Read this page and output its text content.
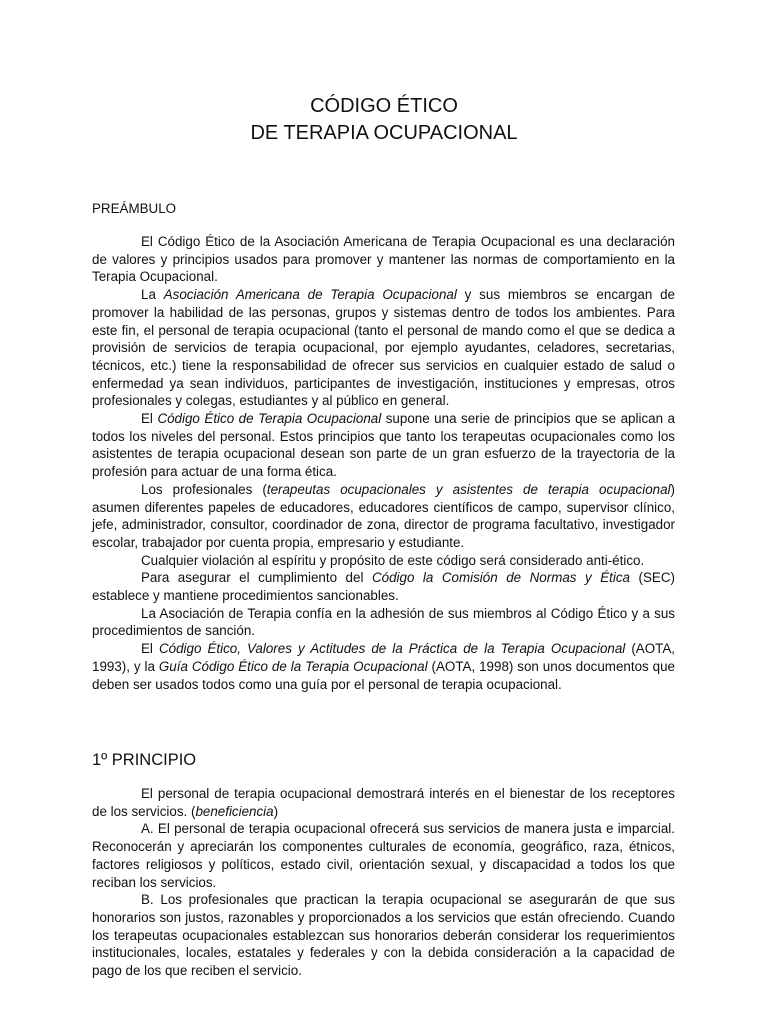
CÓDIGO ÉTICO
DE TERAPIA OCUPACIONAL
PREÁMBULO

El Código Ético de la Asociación Americana de Terapia Ocupacional es una declaración de valores y principios usados para promover y mantener las normas de comportamiento en la Terapia Ocupacional.

La Asociación Americana de Terapia Ocupacional y sus miembros se encargan de promover la habilidad de las personas, grupos y sistemas dentro de todos los ambientes. Para este fin, el personal de terapia ocupacional (tanto el personal de mando como el que se dedica a provisión de servicios de terapia ocupacional, por ejemplo ayudantes, celadores, secretarias, técnicos, etc.) tiene la responsabilidad de ofrecer sus servicios en cualquier estado de salud o enfermedad ya sean individuos, participantes de investigación, instituciones y empresas, otros profesionales y colegas, estudiantes y al público en general.

El Código Ético de Terapia Ocupacional supone una serie de principios que se aplican a todos los niveles del personal. Estos principios que tanto los terapeutas ocupacionales como los asistentes de terapia ocupacional desean son parte de un gran esfuerzo de la trayectoria de la profesión para actuar de una forma ética.

Los profesionales (terapeutas ocupacionales y asistentes de terapia ocupacional) asumen diferentes papeles de educadores, educadores científicos de campo, supervisor clínico, jefe, administrador, consultor, coordinador de zona, director de programa facultativo, investigador escolar, trabajador por cuenta propia, empresario y estudiante.

Cualquier violación al espíritu y propósito de este código será considerado anti-ético.

Para asegurar el cumplimiento del Código la Comisión de Normas y Ética (SEC) establece y mantiene procedimientos sancionables.

La Asociación de Terapia confía en la adhesión de sus miembros al Código Ético y a sus procedimientos de sanción.

El Código Ético, Valores y Actitudes de la Práctica de la Terapia Ocupacional (AOTA, 1993), y la Guía Código Ético de la Terapia Ocupacional (AOTA, 1998) son unos documentos que deben ser usados todos como una guía por el personal de terapia ocupacional.

1º PRINCIPIO

El personal de terapia ocupacional demostrará interés en el bienestar de los receptores de los servicios. (beneficiencia)

A. El personal de terapia ocupacional ofrecerá sus servicios de manera justa e imparcial. Reconocerán y apreciarán los componentes culturales de economía, geográfico, raza, étnicos, factores religiosos y políticos, estado civil, orientación sexual, y discapacidad a todos los que reciban los servicios.

B. Los profesionales que practican la terapia ocupacional se asegurarán de que sus honorarios son justos, razonables y proporcionados a los servicios que están ofreciendo. Cuando los terapeutas ocupacionales establezcan sus honorarios deberán considerar los requerimientos institucionales, locales, estatales y federales y con la debida consideración a la capacidad de pago de los que reciben el servicio.
